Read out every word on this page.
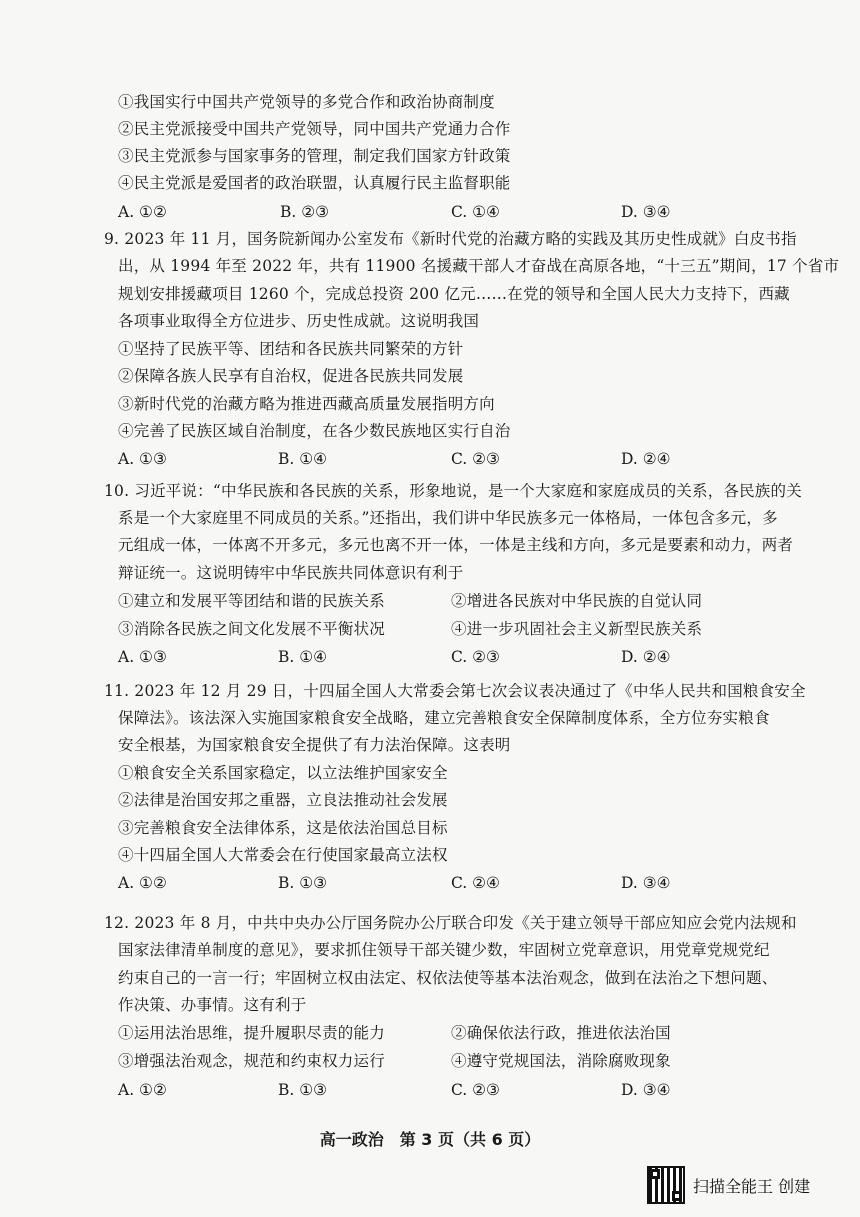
①我国实行中国共产党领导的多党合作和政治协商制度
②民主党派接受中国共产党领导，同中国共产党通力合作
③民主党派参与国家事务的管理，制定我们国家方针政策
④民主党派是爱国者的政治联盟，认真履行民主监督职能
A. ①②	B. ②③	C. ①④	D. ③④
9. 2023 年 11 月，国务院新闻办公室发布《新时代党的治藏方略的实践及其历史性成就》白皮书指
出，从 1994 年至 2022 年，共有 11900 名援藏干部人才奋战在高原各地，“十三五”期间，17 个省市
规划安排援藏项目 1260 个，完成总投资 200 亿元……在党的领导和全国人民大力支持下，西藏
各项事业取得全方位进步、历史性成就。这说明我国
①坚持了民族平等、团结和各民族共同繁荣的方针
②保障各族人民享有自治权，促进各民族共同发展
③新时代党的治藏方略为推进西藏高质量发展指明方向
④完善了民族区域自治制度，在各少数民族地区实行自治
A. ①③	B. ①④	C. ②③	D. ②④
10. 习近平说：“中华民族和各民族的关系，形象地说，是一个大家庭和家庭成员的关系，各民族的关
系是一个大家庭里不同成员的关系。”还指出，我们讲中华民族多元一体格局，一体包含多元，多
元组成一体，一体离不开多元，多元也离不开一体，一体是主线和方向，多元是要素和动力，两者
辩证统一。这说明铸牢中华民族共同体意识有利于
①建立和发展平等团结和谐的民族关系	②增进各民族对中华民族的自觉认同
③消除各民族之间文化发展不平衡状况	④进一步巩固社会主义新型民族关系
A. ①③	B. ①④	C. ②③	D. ②④
11. 2023 年 12 月 29 日，十四届全国人大常委会第七次会议表决通过了《中华人民共和国粮食安全
保障法》。该法深入实施国家粮食安全战略，建立完善粮食安全保障制度体系，全方位夯实粮食
安全根基，为国家粮食安全提供了有力法治保障。这表明
①粮食安全关系国家稳定，以立法维护国家安全
②法律是治国安邦之重器，立良法推动社会发展
③完善粮食安全法律体系，这是依法治国总目标
④十四届全国人大常委会在行使国家最高立法权
A. ①②	B. ①③	C. ②④	D. ③④
12. 2023 年 8 月，中共中央办公厅国务院办公厅联合印发《关于建立领导干部应知应会党内法规和
国家法律清单制度的意见》，要求抓住领导干部关键少数，牢固树立党章意识，用党章党规党纪
约束自己的一言一行；牢固树立权由法定、权依法使等基本法治观念，做到在法治之下想问题、
作决策、办事情。这有利于
①运用法治思维，提升履职尽责的能力	②确保依法行政，推进依法治国
③增强法治观念，规范和约束权力运行	④遵守党规国法，消除腐败现象
A. ①②	B. ①③	C. ②③	D. ③④
高一政治　第 3 页（共 6 页）
扫描全能王 创建
